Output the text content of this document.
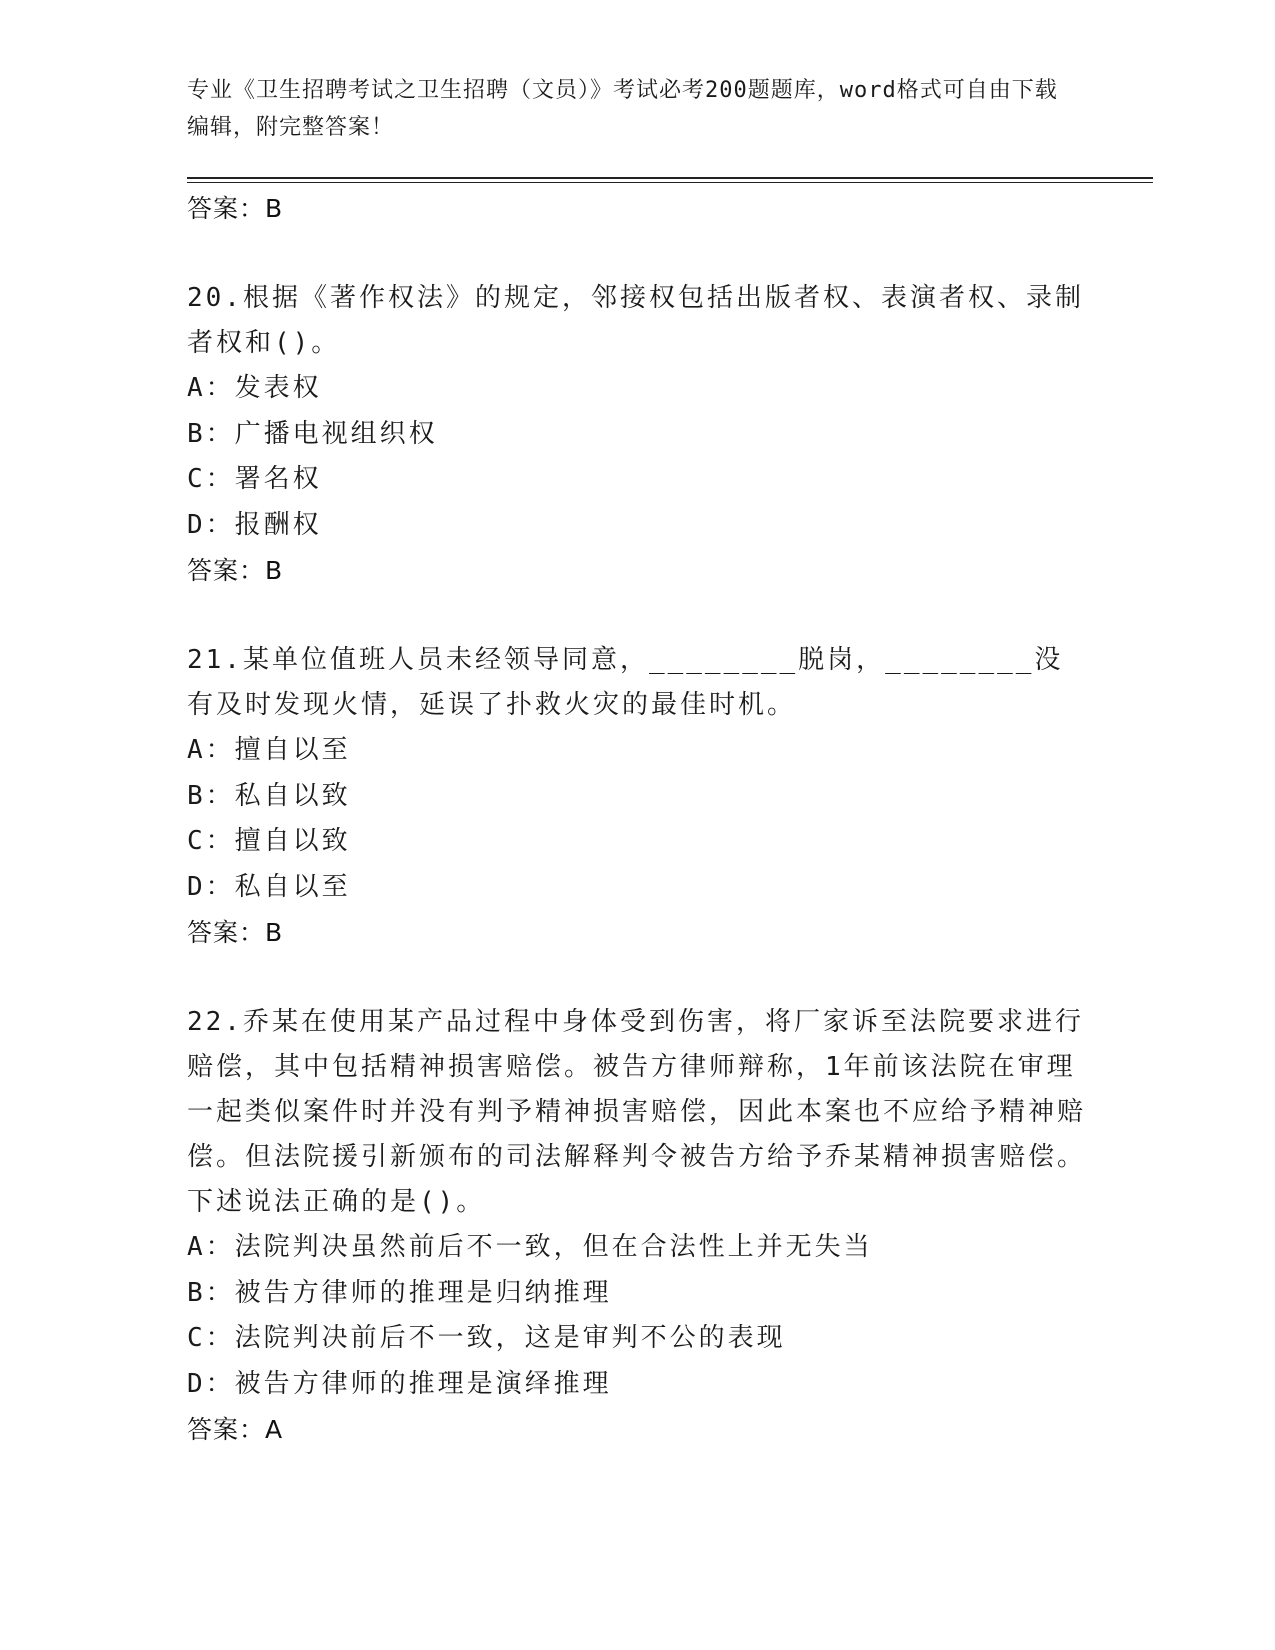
专业《卫生招聘考试之卫生招聘（文员）》考试必考200题题库，word格式可自由下载编辑，附完整答案！
答案：B
20.根据《著作权法》的规定，邻接权包括出版者权、表演者权、录制者权和()。
A：发表权
B：广播电视组织权
C：署名权
D：报酬权
答案：B
21.某单位值班人员未经领导同意，________脱岗，________没有及时发现火情，延误了扑救火灾的最佳时机。
A：擅自以至
B：私自以致
C：擅自以致
D：私自以至
答案：B
22.乔某在使用某产品过程中身体受到伤害，将厂家诉至法院要求进行赔偿，其中包括精神损害赔偿。被告方律师辩称，1年前该法院在审理一起类似案件时并没有判予精神损害赔偿，因此本案也不应给予精神赔偿。但法院援引新颁布的司法解释判令被告方给予乔某精神损害赔偿。下述说法正确的是()。
A：法院判决虽然前后不一致，但在合法性上并无失当
B：被告方律师的推理是归纳推理
C：法院判决前后不一致，这是审判不公的表现
D：被告方律师的推理是演绎推理
答案：A
